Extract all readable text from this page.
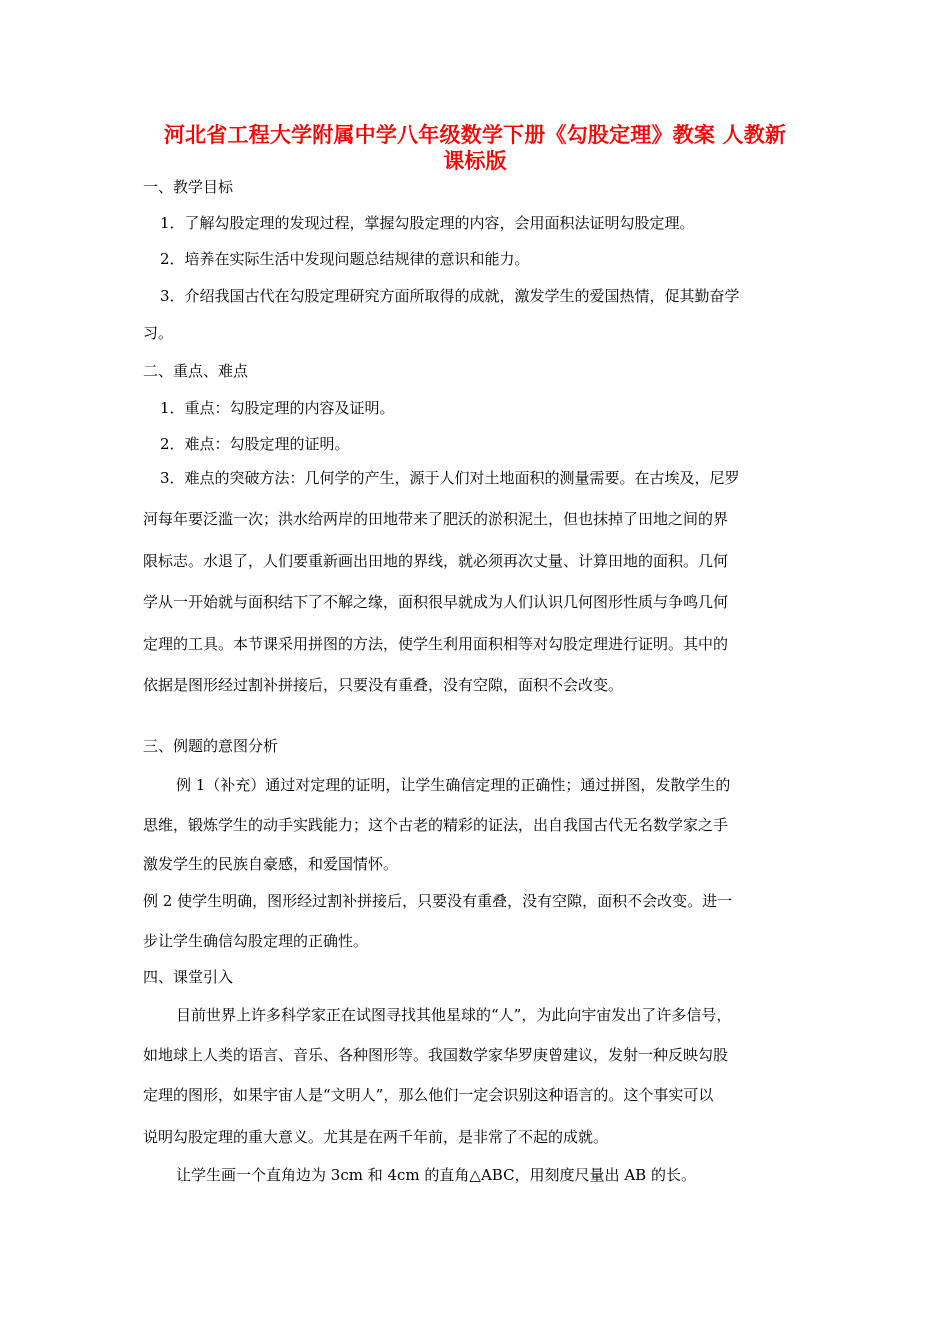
河北省工程大学附属中学八年级数学下册《勾股定理》教案 人教新
课标版
一、教学目标
1．了解勾股定理的发现过程，掌握勾股定理的内容，会用面积法证明勾股定理。
2．培养在实际生活中发现问题总结规律的意识和能力。
3．介绍我国古代在勾股定理研究方面所取得的成就，激发学生的爱国热情，促其勤奋学
习。
二、重点、难点
1．重点：勾股定理的内容及证明。
2．难点：勾股定理的证明。
3．难点的突破方法：几何学的产生，源于人们对土地面积的测量需要。在古埃及，尼罗
河每年要泛滥一次；洪水给两岸的田地带来了肥沃的淤积泥土，但也抹掉了田地之间的界
限标志。水退了，人们要重新画出田地的界线，就必须再次丈量、计算田地的面积。几何
学从一开始就与面积结下了不解之缘，面积很早就成为人们认识几何图形性质与争鸣几何
定理的工具。本节课采用拼图的方法，使学生利用面积相等对勾股定理进行证明。其中的
依据是图形经过割补拼接后，只要没有重叠，没有空隙，面积不会改变。
三、例题的意图分析
例 1（补充）通过对定理的证明，让学生确信定理的正确性；通过拼图，发散学生的
思维，锻炼学生的动手实践能力；这个古老的精彩的证法，出自我国古代无名数学家之手
激发学生的民族自豪感，和爱国情怀。
例 2 使学生明确，图形经过割补拼接后，只要没有重叠，没有空隙，面积不会改变。进一
步让学生确信勾股定理的正确性。
四、课堂引入
目前世界上许多科学家正在试图寻找其他星球的“人”，为此向宇宙发出了许多信号，
如地球上人类的语言、音乐、各种图形等。我国数学家华罗庚曾建议，发射一种反映勾股
定理的图形，如果宇宙人是“文明人”，那么他们一定会识别这种语言的。这个事实可以
说明勾股定理的重大意义。尤其是在两千年前，是非常了不起的成就。
让学生画一个直角边为 3cm 和 4cm 的直角△ABC，用刻度尺量出 AB 的长。
